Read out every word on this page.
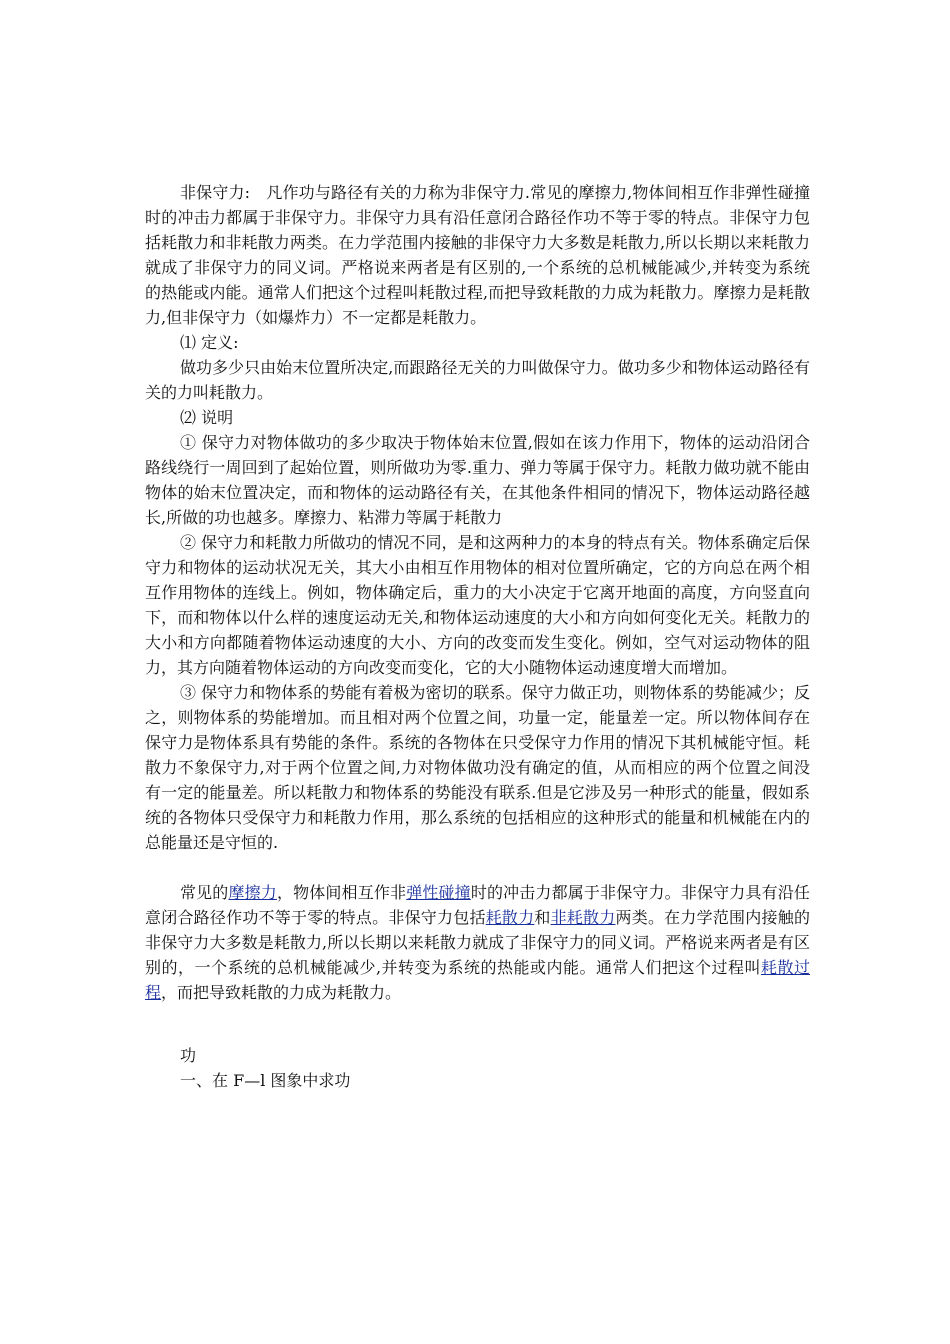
非保守力:　凡作功与路径有关的力称为非保守力.常见的摩擦力,物体间相互作非弹性碰撞时的冲击力都属于非保守力。非保守力具有沿任意闭合路径作功不等于零的特点。非保守力包括耗散力和非耗散力两类。在力学范围内接触的非保守力大多数是耗散力,所以长期以来耗散力就成了非保守力的同义词。严格说来两者是有区别的,一个系统的总机械能减少,并转变为系统的热能或内能。通常人们把这个过程叫耗散过程,而把导致耗散的力成为耗散力。摩擦力是耗散力,但非保守力（如爆炸力）不一定都是耗散力。

⑴ 定义:

做功多少只由始末位置所决定,而跟路径无关的力叫做保守力。做功多少和物体运动路径有关的力叫耗散力。

⑵ 说明

① 保守力对物体做功的多少取决于物体始末位置,假如在该力作用下，物体的运动沿闭合路线绕行一周回到了起始位置，则所做功为零.重力、弹力等属于保守力。耗散力做功就不能由物体的始末位置决定，而和物体的运动路径有关，在其他条件相同的情况下，物体运动路径越长,所做的功也越多。摩擦力、粘滞力等属于耗散力

② 保守力和耗散力所做功的情况不同，是和这两种力的本身的特点有关。物体系确定后保守力和物体的运动状况无关，其大小由相互作用物体的相对位置所确定，它的方向总在两个相互作用物体的连线上。例如，物体确定后，重力的大小决定于它离开地面的高度，方向竖直向下，而和物体以什么样的速度运动无关,和物体运动速度的大小和方向如何变化无关。耗散力的大小和方向都随着物体运动速度的大小、方向的改变而发生变化。例如，空气对运动物体的阻力，其方向随着物体运动的方向改变而变化，它的大小随物体运动速度增大而增加。

③ 保守力和物体系的势能有着极为密切的联系。保守力做正功，则物体系的势能减少；反之，则物体系的势能增加。而且相对两个位置之间，功量一定，能量差一定。所以物体间存在保守力是物体系具有势能的条件。系统的各物体在只受保守力作用的情况下其机械能守恒。耗散力不象保守力,对于两个位置之间,力对物体做功没有确定的值，从而相应的两个位置之间没有一定的能量差。所以耗散力和物体系的势能没有联系.但是它涉及另一种形式的能量，假如系统的各物体只受保守力和耗散力作用，那么系统的包括相应的这种形式的能量和机械能在内的总能量还是守恒的.

常见的摩擦力，物体间相互作非弹性碰撞时的冲击力都属于非保守力。非保守力具有沿任意闭合路径作功不等于零的特点。非保守力包括耗散力和非耗散力两类。在力学范围内接触的非保守力大多数是耗散力,所以长期以来耗散力就成了非保守力的同义词。严格说来两者是有区别的，一个系统的总机械能减少,并转变为系统的热能或内能。通常人们把这个过程叫耗散过程，而把导致耗散的力成为耗散力。

功

一、在 F—l 图象中求功
